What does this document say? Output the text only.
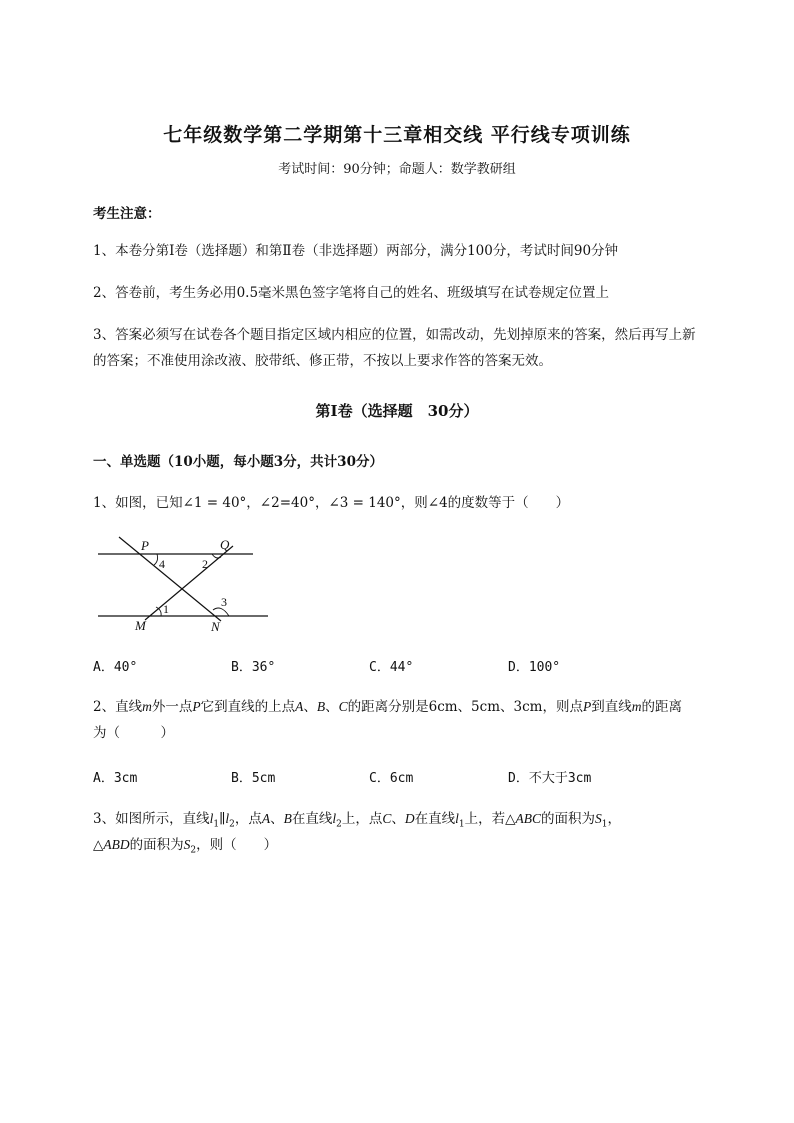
七年级数学第二学期第十三章相交线 平行线专项训练
考试时间：90分钟；命题人：数学教研组
考生注意：
1、本卷分第Ⅰ卷（选择题）和第Ⅱ卷（非选择题）两部分，满分100分，考试时间90分钟
2、答卷前，考生务必用0.5毫米黑色签字笔将自己的姓名、班级填写在试卷规定位置上
3、答案必须写在试卷各个题目指定区域内相应的位置，如需改动，先划掉原来的答案，然后再写上新
的答案；不准使用涂改液、胶带纸、修正带，不按以上要求作答的答案无效。
第Ⅰ卷（选择题　30分）
一、单选题（10小题，每小题3分，共计30分）
1、如图，已知∠1 = 40°，∠2=40°，∠3 = 140°，则∠4的度数等于（　　）
P	Q
M	N
4	2
1	3
A．40°	B．36°	C．44°	D．100°
2、直线m外一点P它到直线的上点A、B、C的距离分别是6cm、5cm、3cm，则点P到直线m的距离
为（　　　）
A．3cm	B．5cm	C．6cm	D．不大于3cm
3、如图所示，直线$l_1\parallel l_2$，点A、B在直线$l_2$上，点C、D在直线$l_1$上，若△ABC的面积为$S_1$，
△ABD的面积为$S_2$，则（　　）
